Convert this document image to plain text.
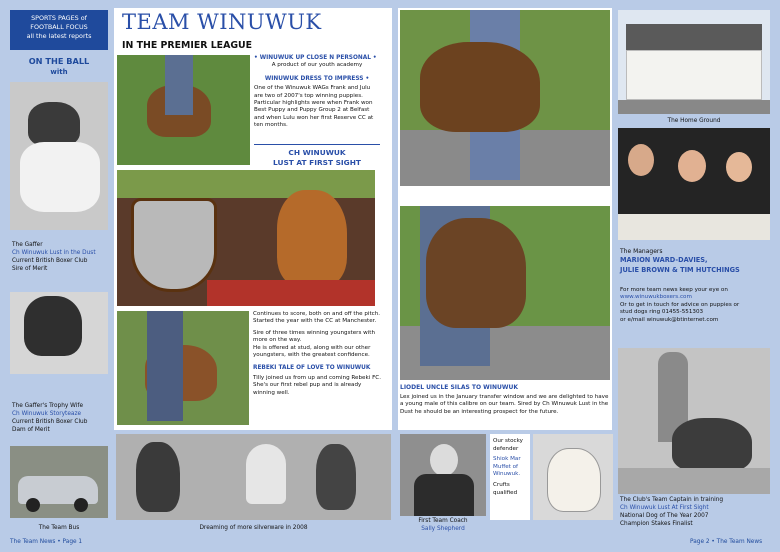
SPORTS PAGES of
FOOTBALL FOCUS
all the latest reports
ON THE BALL
with
The Gaffer
Ch Winuwuk Lust in the Dust
Current British Boxer Club
Sire of Merit
The Gaffer's Trophy Wife
Ch Winuwuk Storyteaze
Current British Boxer Club
Dam of Merit
The Team Bus
The Team News • Page 1
TEAM WINUWUK
IN THE PREMIER LEAGUE
• WINUWUK UP CLOSE N PERSONAL •
A product of our youth academy
WINUWUK DRESS TO IMPRESS •
One of the Winuwuk WAGs Frank and Julu are two of 2007's top winning puppies. Particular highlights were when Frank won Best Puppy and Puppy Group 2 at Belfast and when Lulu won her first Reserve CC at ten months.
CH WINUWUK
LUST AT FIRST SIGHT
Continues to score, both on and off the pitch. Started the year with the CC at Manchester.
Sire of three times winning youngsters with more on the way.
He is offered at stud, along with our other youngsters, with the greatest confidence.
REBEKI TALE OF LOVE TO WINUWUK
Tilly joined us from up and coming Rebeki FC. She's our first rebel pup and is already winning well.
Dreaming of more silverware in 2008
LIODEL UNCLE SILAS TO WINUWUK
Lex joined us in the January transfer window and we are delighted to have a young male of this calibre on our team. Sired by Ch Winuwuk Lust in the Dust he should be an interesting prospect for the future.
First Team Coach
Sally Shepherd
Our stocky
defender
Shiok Mar
Muffet of
Winuwuk.
Crufts
qualified
The Home Ground
The Managers
MARION WARD-DAVIES,
JULIE BROWN & TIM HUTCHINGS
For more team news keep your eye on
www.winuwukboxers.com
Or to get in touch for advice on puppies or
stud dogs ring 01455-551303
or e/mail winuwuk@btinternet.com
The Club's Team Captain in training
Ch Winuwuk Lust At First Sight
National Dog of The Year 2007
Champion Stakes Finalist
Page 2 • The Team News
